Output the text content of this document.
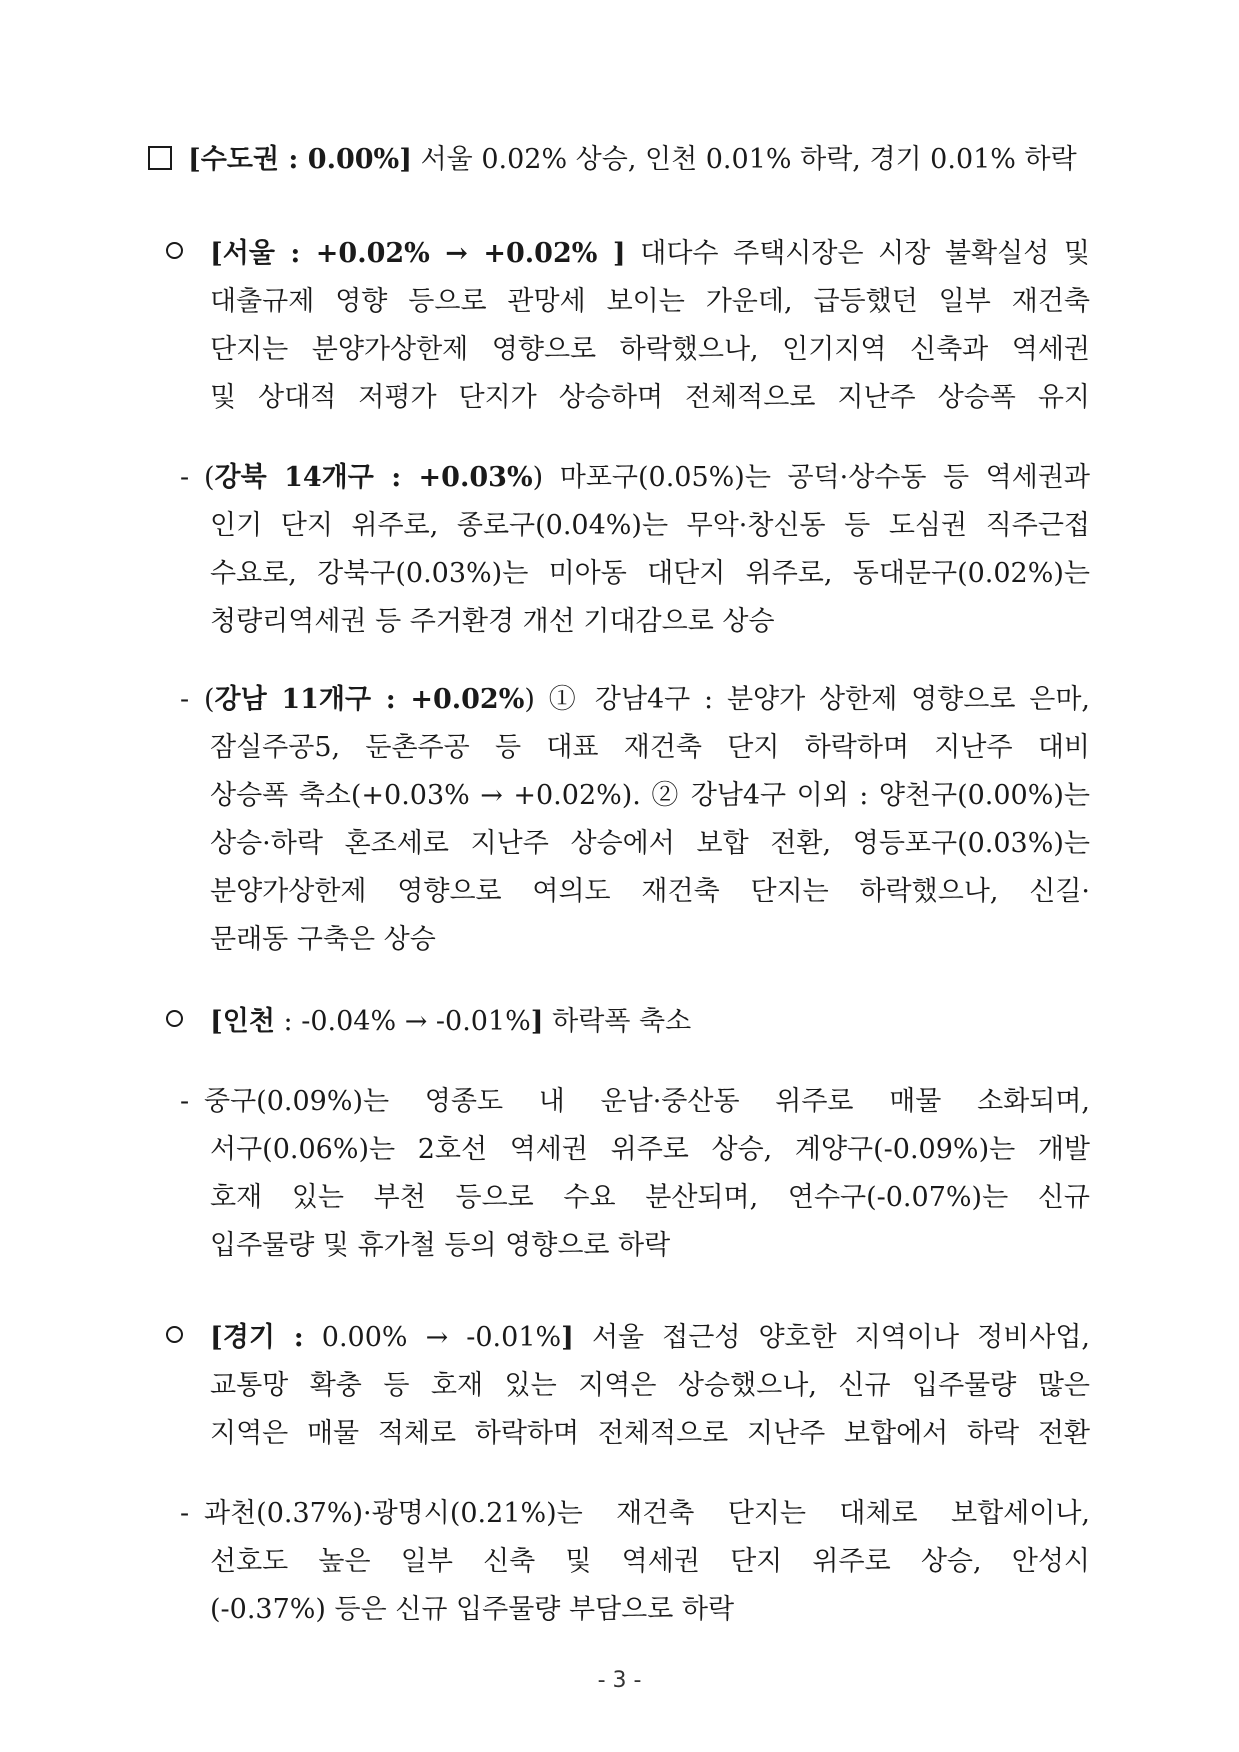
[수도권 : 0.00%] 서울 0.02% 상승, 인천 0.01% 하락, 경기 0.01% 하락
[서울 : +0.02% → +0.02% ] 대다수 주택시장은 시장 불확실성 및
대출규제 영향 등으로 관망세 보이는 가운데, 급등했던 일부 재건축
단지는 분양가상한제 영향으로 하락했으나, 인기지역 신축과 역세권
및 상대적 저평가 단지가 상승하며 전체적으로 지난주 상승폭 유지
- (강북 14개구 : +0.03%) 마포구(0.05%)는 공덕·상수동 등 역세권과
인기 단지 위주로, 종로구(0.04%)는 무악·창신동 등 도심권 직주근접
수요로, 강북구(0.03%)는 미아동 대단지 위주로, 동대문구(0.02%)는
청량리역세권 등 주거환경 개선 기대감으로 상승
- (강남 11개구 : +0.02%) ① 강남4구 : 분양가 상한제 영향으로 은마,
잠실주공5, 둔촌주공 등 대표 재건축 단지 하락하며 지난주 대비
상승폭 축소(+0.03% → +0.02%). ② 강남4구 이외 : 양천구(0.00%)는
상승·하락 혼조세로 지난주 상승에서 보합 전환, 영등포구(0.03%)는
분양가상한제 영향으로 여의도 재건축 단지는 하락했으나, 신길·
문래동 구축은 상승
[인천 : -0.04% → -0.01%] 하락폭 축소
- 중구(0.09%)는 영종도 내 운남·중산동 위주로 매물 소화되며,
서구(0.06%)는 2호선 역세권 위주로 상승, 계양구(-0.09%)는 개발
호재 있는 부천 등으로 수요 분산되며, 연수구(-0.07%)는 신규
입주물량 및 휴가철 등의 영향으로 하락
[경기 : 0.00% → -0.01%] 서울 접근성 양호한 지역이나 정비사업,
교통망 확충 등 호재 있는 지역은 상승했으나, 신규 입주물량 많은
지역은 매물 적체로 하락하며 전체적으로 지난주 보합에서 하락 전환
- 과천(0.37%)·광명시(0.21%)는 재건축 단지는 대체로 보합세이나,
선호도 높은 일부 신축 및 역세권 단지 위주로 상승, 안성시
(-0.37%) 등은 신규 입주물량 부담으로 하락
- 3 -
